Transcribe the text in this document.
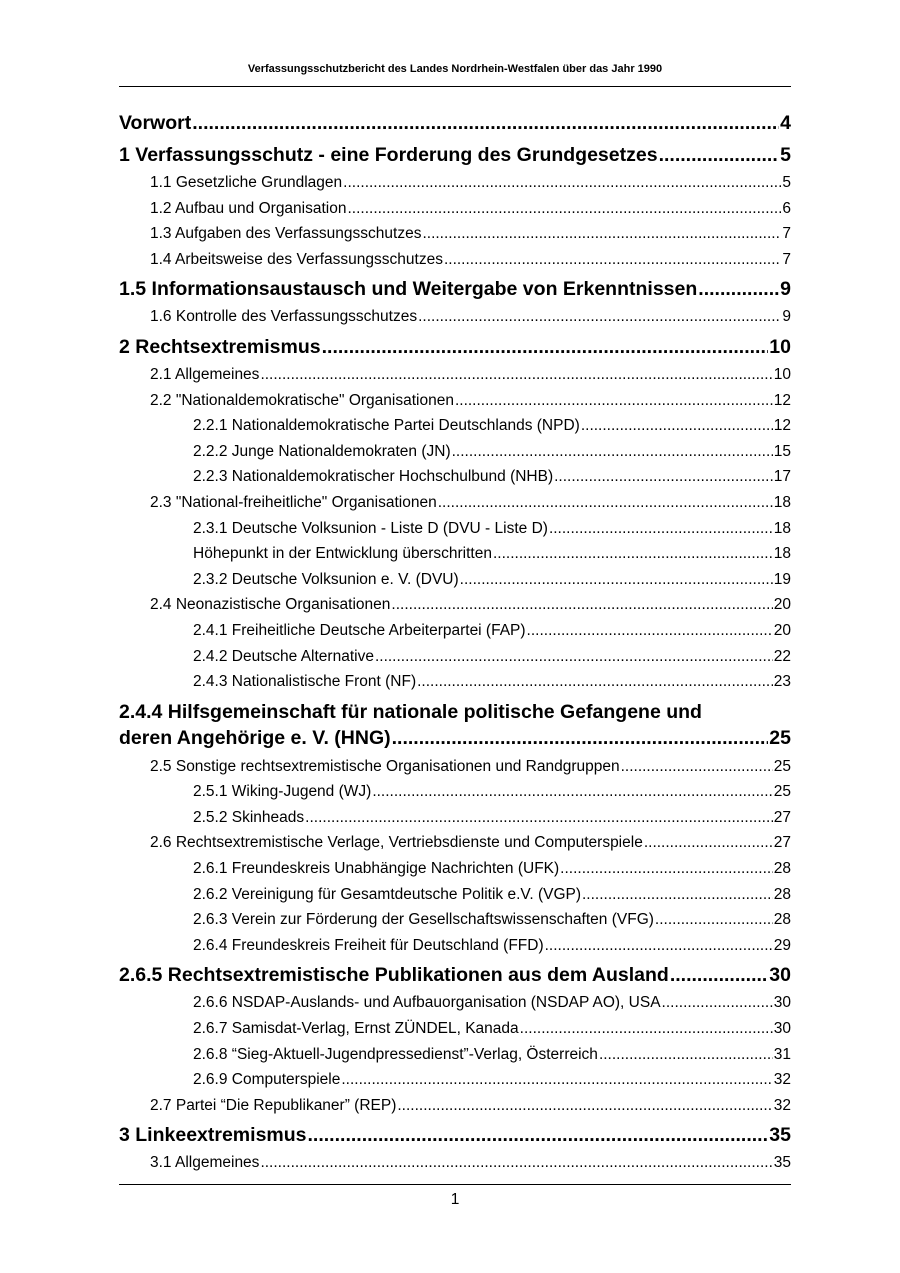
Verfassungsschutzbericht des Landes Nordrhein-Westfalen über das Jahr 1990
Vorwort .....	4
1 Verfassungsschutz - eine Forderung des Grundgesetzes .....	5
1.1 Gesetzliche Grundlagen .....	5
1.2 Aufbau und Organisation .....	6
1.3 Aufgaben des Verfassungsschutzes .....	7
1.4 Arbeitsweise des Verfassungsschutzes .....	7
1.5 Informationsaustausch und Weitergabe von Erkenntnissen .....	9
1.6 Kontrolle des Verfassungsschutzes .....	9
2 Rechtsextremismus .....	10
2.1 Allgemeines .....	10
2.2 "Nationaldemokratische" Organisationen .....	12
2.2.1 Nationaldemokratische Partei Deutschlands (NPD) .....	12
2.2.2 Junge Nationaldemokraten (JN) .....	15
2.2.3 Nationaldemokratischer Hochschulbund (NHB) .....	17
2.3 "National-freiheitliche" Organisationen .....	18
2.3.1 Deutsche Volksunion - Liste D (DVU - Liste D) .....	18
Höhepunkt in der Entwicklung überschritten .....	18
2.3.2 Deutsche Volksunion e. V. (DVU) .....	19
2.4 Neonazistische Organisationen .....	20
2.4.1 Freiheitliche Deutsche Arbeiterpartei (FAP) .....	20
2.4.2 Deutsche Alternative .....	22
2.4.3 Nationalistische Front (NF) .....	23
2.4.4 Hilfsgemeinschaft für nationale politische Gefangene und
deren Angehörige e. V. (HNG) .....	25
2.5 Sonstige rechtsextremistische Organisationen und Randgruppen .....	25
2.5.1 Wiking-Jugend (WJ) .....	25
2.5.2 Skinheads .....	27
2.6 Rechtsextremistische Verlage, Vertriebsdienste und Computerspiele .....	27
2.6.1 Freundeskreis Unabhängige Nachrichten (UFK) .....	28
2.6.2 Vereinigung für Gesamtdeutsche Politik e.V. (VGP) .....	28
2.6.3 Verein zur Förderung der Gesellschaftswissenschaften (VFG) .....	28
2.6.4 Freundeskreis Freiheit für Deutschland (FFD) .....	29
2.6.5 Rechtsextremistische Publikationen aus dem Ausland .....	30
2.6.6 NSDAP-Auslands- und Aufbauorganisation (NSDAP AO), USA .....	30
2.6.7 Samisdat-Verlag, Ernst ZÜNDEL, Kanada .....	30
2.6.8 “Sieg-Aktuell-Jugendpressedienst”-Verlag, Österreich .....	31
2.6.9 Computerspiele .....	32
2.7 Partei “Die Republikaner” (REP) .....	32
3 Linkeextremismus .....	35
3.1 Allgemeines .....	35
1
